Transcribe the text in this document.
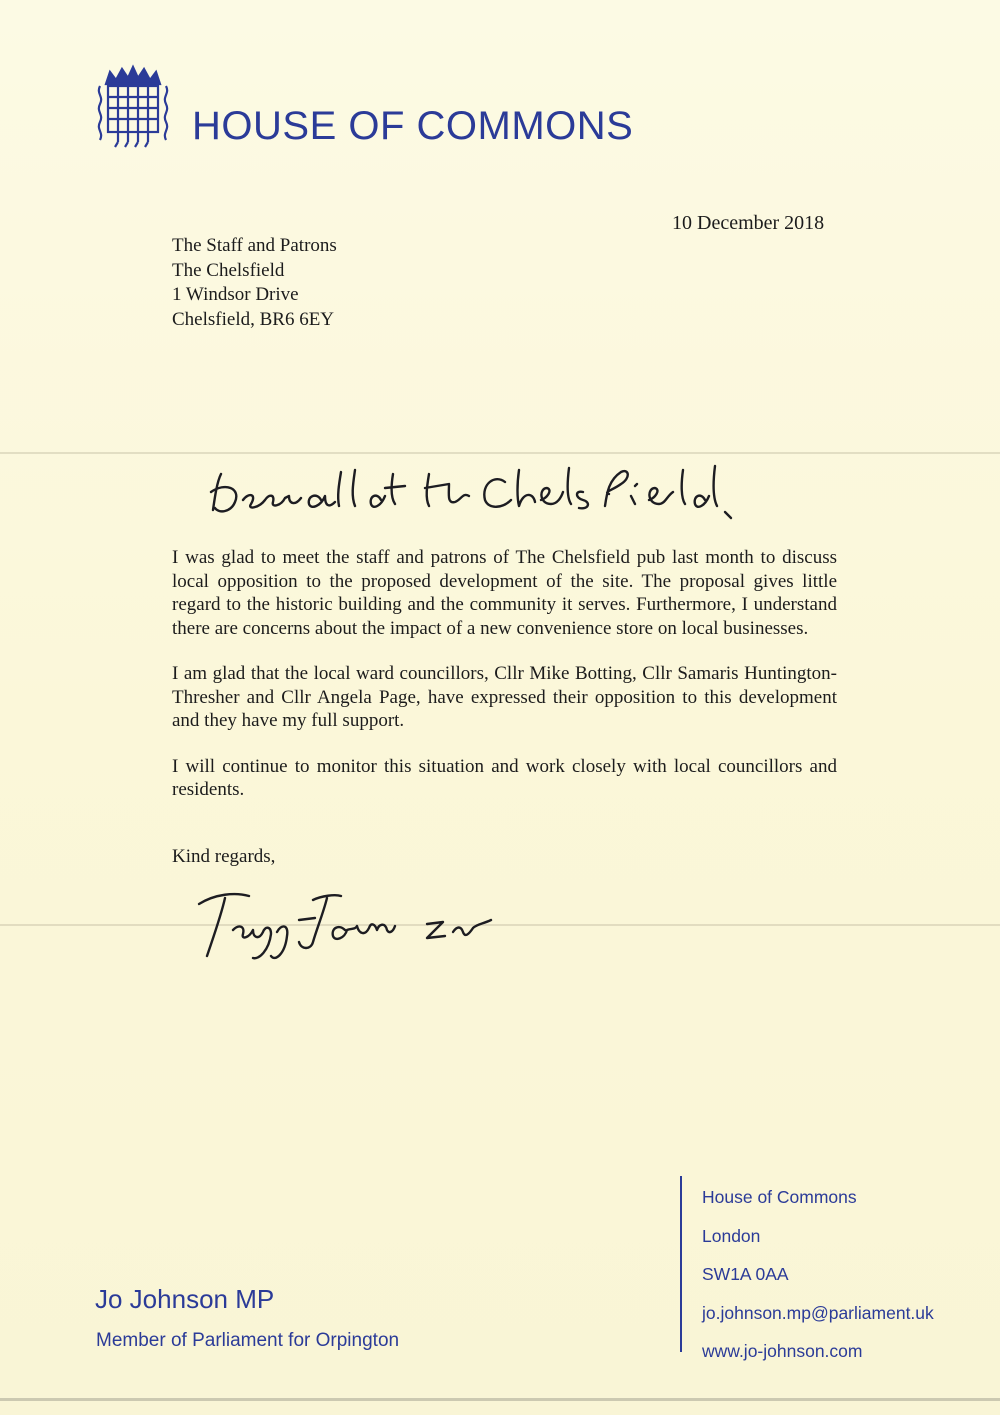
HOUSE OF COMMONS
10 December 2018
The Staff and Patrons
The Chelsfield
1 Windsor Drive
Chelsfield, BR6 6EY

I was glad to meet the staff and patrons of The Chelsfield pub last month to discuss local opposition to the proposed development of the site. The proposal gives little regard to the historic building and the community it serves. Furthermore, I understand there are concerns about the impact of a new convenience store on local businesses.

I am glad that the local ward councillors, Cllr Mike Botting, Cllr Samaris Huntington-Thresher and Cllr Angela Page, have expressed their opposition to this development and they have my full support.

I will continue to monitor this situation and work closely with local councillors and residents.

Kind regards,
Jo Johnson MP
Member of Parliament for Orpington
House of Commons
London
SW1A 0AA
jo.johnson.mp@parliament.uk
www.jo-johnson.com
